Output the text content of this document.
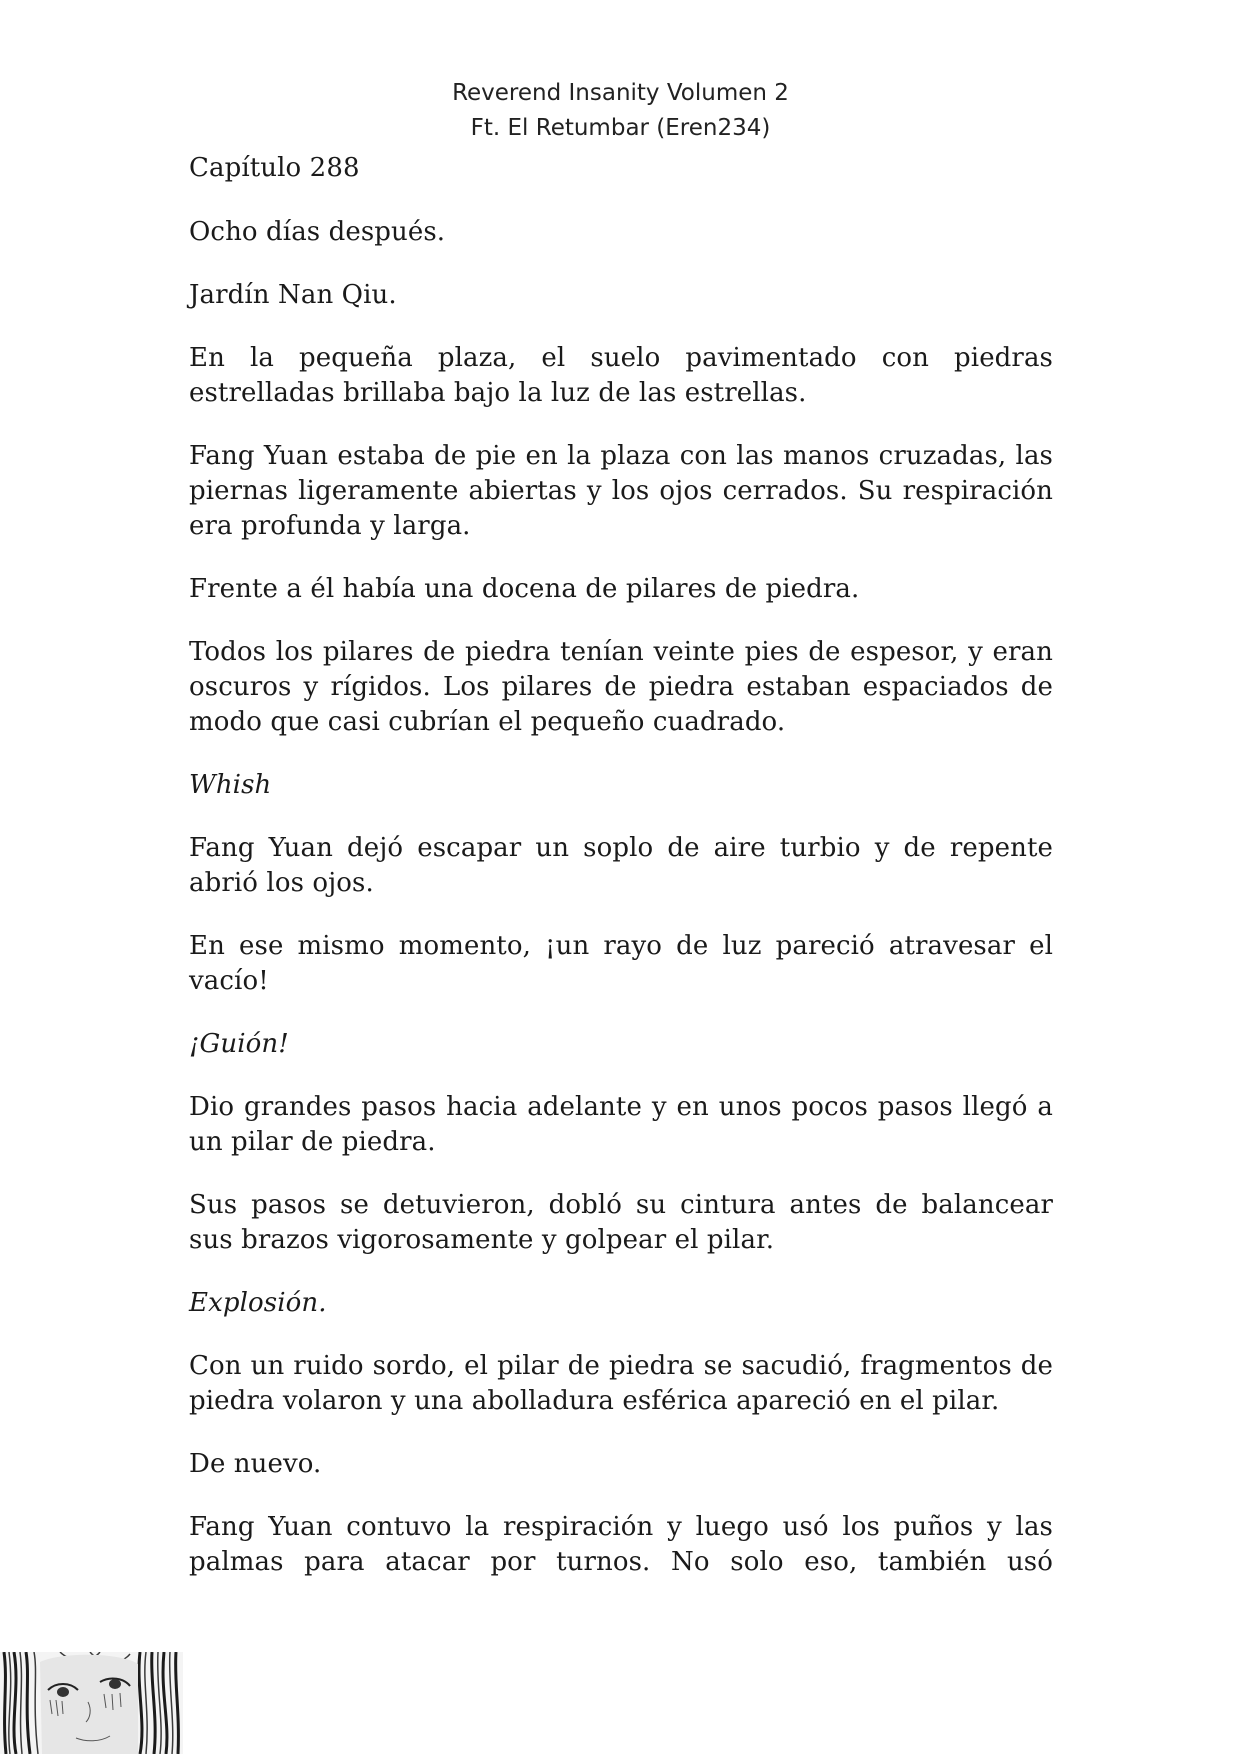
Reverend Insanity Volumen 2
Ft. El Retumbar (Eren234)

Capítulo 288

Ocho días después.

Jardín Nan Qiu.

En la pequeña plaza, el suelo pavimentado con piedras estrelladas brillaba bajo la luz de las estrellas.

Fang Yuan estaba de pie en la plaza con las manos cruzadas, las piernas ligeramente abiertas y los ojos cerrados. Su respiración era profunda y larga.

Frente a él había una docena de pilares de piedra.

Todos los pilares de piedra tenían veinte pies de espesor, y eran oscuros y rígidos. Los pilares de piedra estaban espaciados de modo que casi cubrían el pequeño cuadrado.

Whish

Fang Yuan dejó escapar un soplo de aire turbio y de repente abrió los ojos.

En ese mismo momento, ¡un rayo de luz pareció atravesar el vacío!

¡Guión!

Dio grandes pasos hacia adelante y en unos pocos pasos llegó a un pilar de piedra.

Sus pasos se detuvieron, dobló su cintura antes de balancear sus brazos vigorosamente y golpear el pilar.

Explosión.

Con un ruido sordo, el pilar de piedra se sacudió, fragmentos de piedra volaron y una abolladura esférica apareció en el pilar.

De nuevo.

Fang Yuan contuvo la respiración y luego usó los puños y las palmas para atacar por turnos. No solo eso, también usó
